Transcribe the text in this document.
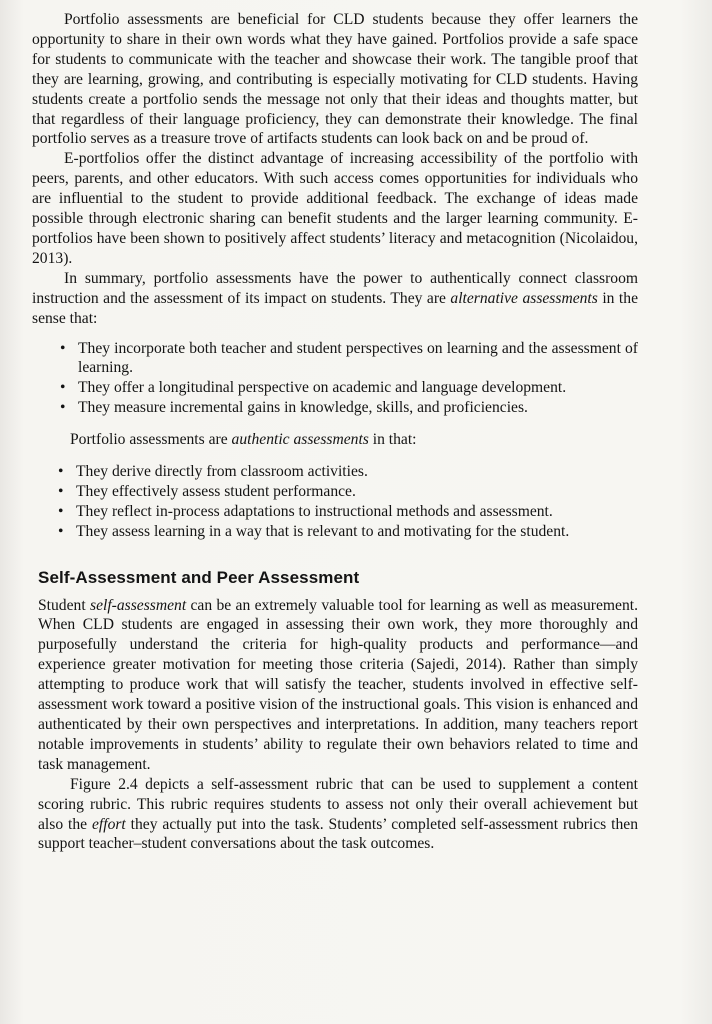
Portfolio assessments are beneficial for CLD students because they offer learners the opportunity to share in their own words what they have gained. Portfolios provide a safe space for students to communicate with the teacher and showcase their work. The tangible proof that they are learning, growing, and contributing is especially motivating for CLD students. Having students create a portfolio sends the message not only that their ideas and thoughts matter, but that regardless of their language proficiency, they can demonstrate their knowledge. The final portfolio serves as a treasure trove of artifacts students can look back on and be proud of.

E-portfolios offer the distinct advantage of increasing accessibility of the portfolio with peers, parents, and other educators. With such access comes opportunities for individuals who are influential to the student to provide additional feedback. The exchange of ideas made possible through electronic sharing can benefit students and the larger learning community. E-portfolios have been shown to positively affect students’ literacy and metacognition (Nicolaidou, 2013).

In summary, portfolio assessments have the power to authentically connect classroom instruction and the assessment of its impact on students. They are alternative assessments in the sense that:

• They incorporate both teacher and student perspectives on learning and the assessment of learning.
• They offer a longitudinal perspective on academic and language development.
• They measure incremental gains in knowledge, skills, and proficiencies.

Portfolio assessments are authentic assessments in that:

• They derive directly from classroom activities.
• They effectively assess student performance.
• They reflect in-process adaptations to instructional methods and assessment.
• They assess learning in a way that is relevant to and motivating for the student.
Self-Assessment and Peer Assessment

Student self-assessment can be an extremely valuable tool for learning as well as measurement. When CLD students are engaged in assessing their own work, they more thoroughly and purposefully understand the criteria for high-quality products and performance—and experience greater motivation for meeting those criteria (Sajedi, 2014). Rather than simply attempting to produce work that will satisfy the teacher, students involved in effective self-assessment work toward a positive vision of the instructional goals. This vision is enhanced and authenticated by their own perspectives and interpretations. In addition, many teachers report notable improvements in students’ ability to regulate their own behaviors related to time and task management.

Figure 2.4 depicts a self-assessment rubric that can be used to supplement a content scoring rubric. This rubric requires students to assess not only their overall achievement but also the effort they actually put into the task. Students’ completed self-assessment rubrics then support teacher–student conversations about the task outcomes.
